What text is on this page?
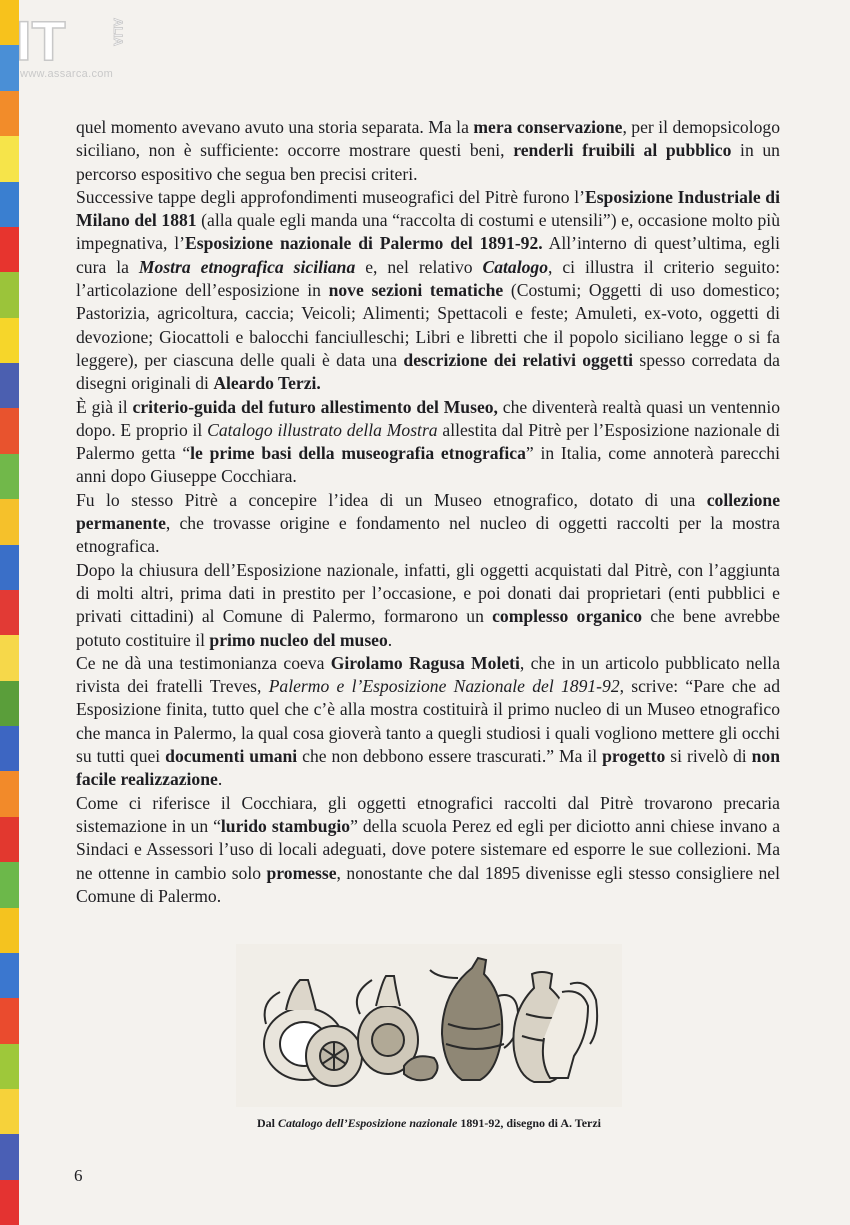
IT	ALIA
www.assarca.com

quel momento avevano avuto una storia separata. Ma la mera conservazione, per il demopsicologo siciliano, non è sufficiente: occorre mostrare questi beni, renderli fruibili al pubblico in un percorso espositivo che segua ben precisi criteri.

Successive tappe degli approfondimenti museografici del Pitrè furono l’Esposizione Industriale di Milano del 1881 (alla quale egli manda una “raccolta di costumi e utensili”) e, occasione molto più impegnativa, l’Esposizione nazionale di Palermo del 1891-92. All’interno di quest’ultima, egli cura la Mostra etnografica siciliana e, nel relativo Catalogo, ci illustra il criterio seguito: l’articolazione dell’esposizione in nove sezioni tematiche (Costumi; Oggetti di uso domestico; Pastorizia, agricoltura, caccia; Veicoli; Alimenti; Spettacoli e feste; Amuleti, ex-voto, oggetti di devozione; Giocattoli e balocchi fanciulleschi; Libri e libretti che il popolo siciliano legge o si fa leggere), per ciascuna delle quali è data una descrizione dei relativi oggetti spesso corredata da disegni originali di Aleardo Terzi.

È già il criterio-guida del futuro allestimento del Museo, che diventerà realtà quasi un ventennio dopo. E proprio il Catalogo illustrato della Mostra allestita dal Pitrè per l’Esposizione nazionale di Palermo getta “le prime basi della museografia etnografica” in Italia, come annoterà parecchi anni dopo Giuseppe Cocchiara.

Fu lo stesso Pitrè a concepire l’idea di un Museo etnografico, dotato di una collezione permanente, che trovasse origine e fondamento nel nucleo di oggetti raccolti per la mostra etnografica.

Dopo la chiusura dell’Esposizione nazionale, infatti, gli oggetti acquistati dal Pitrè, con l’aggiunta di molti altri, prima dati in prestito per l’occasione, e poi donati dai proprietari (enti pubblici e privati cittadini) al Comune di Palermo, formarono un complesso organico che bene avrebbe potuto costituire il primo nucleo del museo.

Ce ne dà una testimonianza coeva Girolamo Ragusa Moleti, che in un articolo pubblicato nella rivista dei fratelli Treves, Palermo e l’Esposizione Nazionale del 1891-92, scrive: “Pare che ad Esposizione finita, tutto quel che c’è alla mostra costituirà il primo nucleo di un Museo etnografico che manca in Palermo, la qual cosa gioverà tanto a quegli studiosi i quali vogliono mettere gli occhi su tutti quei documenti umani che non debbono essere trascurati.” Ma il progetto si rivelò di non facile realizzazione.

Come ci riferisce il Cocchiara, gli oggetti etnografici raccolti dal Pitrè trovarono precaria sistemazione in un “lurido stambugio” della scuola Perez ed egli per diciotto anni chiese invano a Sindaci e Assessori l’uso di locali adeguati, dove potere sistemare ed esporre le sue collezioni. Ma ne ottenne in cambio solo promesse, nonostante che dal 1895 divenisse egli stesso consigliere nel Comune di Palermo.

Dal Catalogo dell’Esposizione nazionale 1891-92, disegno di A. Terzi
6
